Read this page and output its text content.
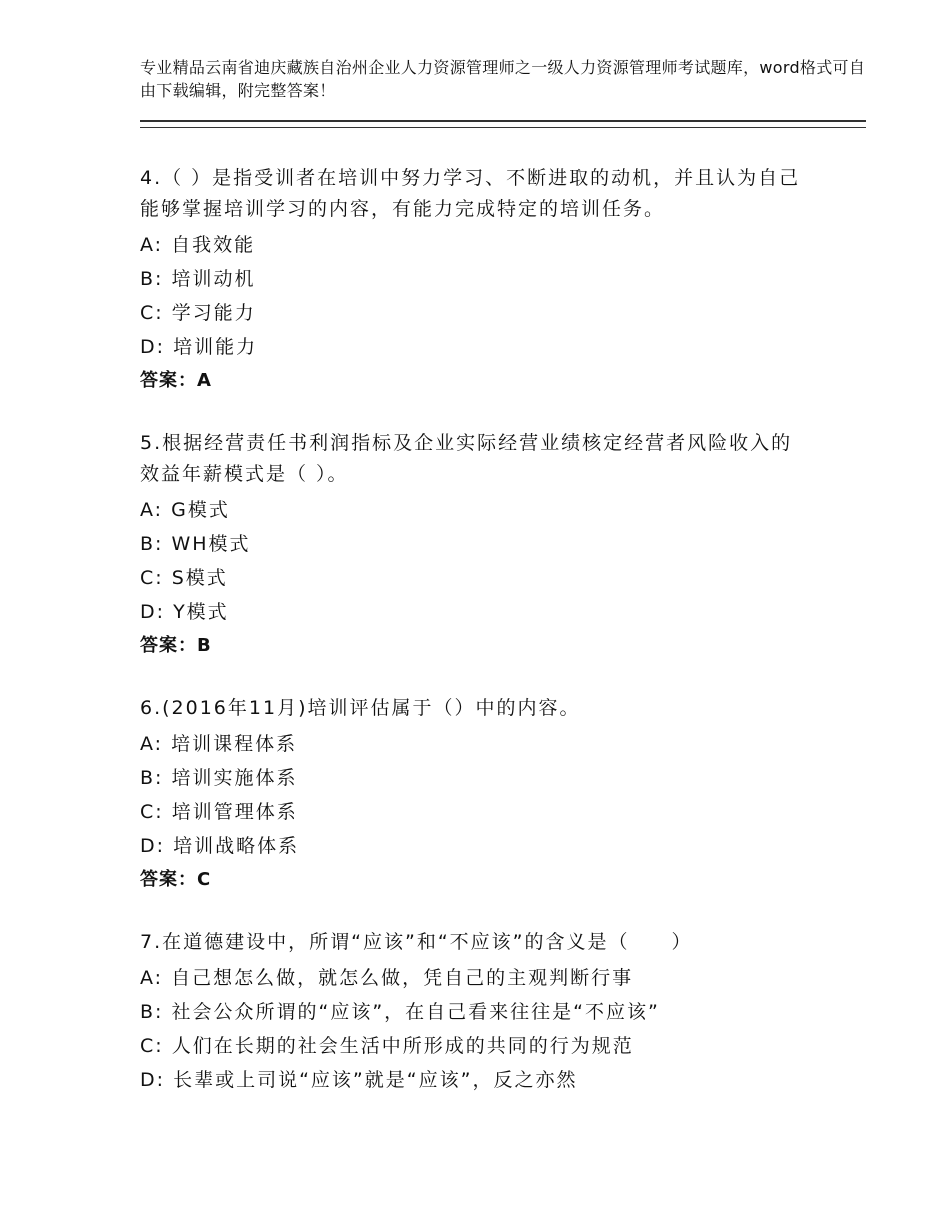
专业精品云南省迪庆藏族自治州企业人力资源管理师之一级人力资源管理师考试题库，word格式可自由下载编辑，附完整答案！
4.（ ）是指受训者在培训中努力学习、不断进取的动机，并且认为自己能够掌握培训学习的内容，有能力完成特定的培训任务。
A: 自我效能
B: 培训动机
C: 学习能力
D: 培训能力
答案：A
5.根据经营责任书利润指标及企业实际经营业绩核定经营者风险收入的效益年薪模式是（ ）。
A: G模式
B: WH模式
C: S模式
D: Y模式
答案：B
6.(2016年11月)培训评估属于（）中的内容。
A: 培训课程体系
B: 培训实施体系
C: 培训管理体系
D: 培训战略体系
答案：C
7.在道德建设中，所谓“应该”和“不应该”的含义是（　　）
A: 自己想怎么做，就怎么做，凭自己的主观判断行事
B: 社会公众所谓的“应该”，在自己看来往往是“不应该”
C: 人们在长期的社会生活中所形成的共同的行为规范
D: 长辈或上司说“应该”就是“应该”，反之亦然
